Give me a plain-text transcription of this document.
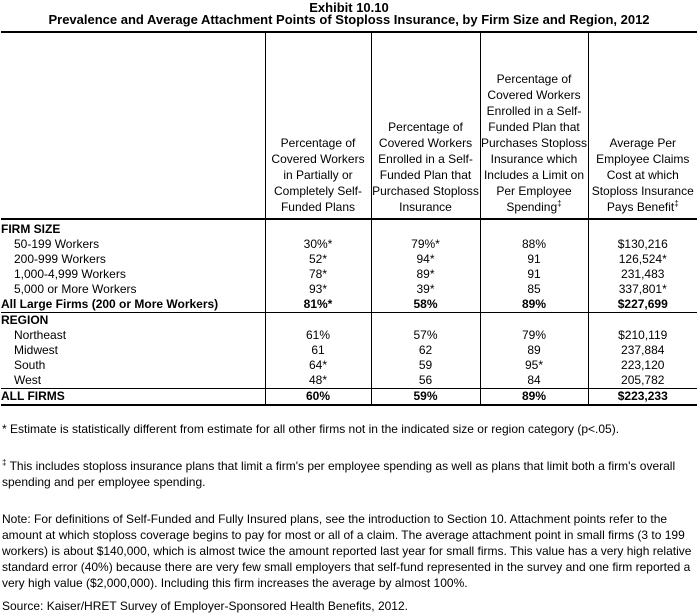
Exhibit 10.10
Prevalence and Average Attachment Points of Stoploss Insurance, by Firm Size and Region, 2012
	Percentage of Covered Workers in Partially or Completely Self-Funded Plans	Percentage of Covered Workers Enrolled in a Self-Funded Plan that Purchased Stoploss Insurance	Percentage of Covered Workers Enrolled in a Self-Funded Plan that Purchases Stoploss Insurance which Includes a Limit on Per Employee Spending‡	Average Per Employee Claims Cost at which Stoploss Insurance Pays Benefit‡
FIRM SIZE				
50-199 Workers	30%*	79%*	88%	$130,216
200-999 Workers	52*	94*	91	126,524*
1,000-4,999 Workers	78*	89*	91	231,483
5,000 or More Workers	93*	39*	85	337,801*
All Large Firms (200 or More Workers)	81%*	58%	89%	$227,699
REGION				
Northeast	61%	57%	79%	$210,119
Midwest	61	62	89	237,884
South	64*	59	95*	223,120
West	48*	56	84	205,782
ALL FIRMS	60%	59%	89%	$223,233
* Estimate is statistically different from estimate for all other firms not in the indicated size or region category (p<.05).
‡ This includes stoploss insurance plans that limit a firm's per employee spending as well as plans that limit both a firm's overall spending and per employee spending.
Note: For definitions of Self-Funded and Fully Insured plans, see the introduction to Section 10. Attachment points refer to the amount at which stoploss coverage begins to pay for most or all of a claim. The average attachment point in small firms (3 to 199 workers) is about $140,000, which is almost twice the amount reported last year for small firms. This value has a very high relative standard error (40%) because there are very few small employers that self-fund represented in the survey and one firm reported a very high value ($2,000,000). Including this firm increases the average by almost 100%.
Source: Kaiser/HRET Survey of Employer-Sponsored Health Benefits, 2012.
